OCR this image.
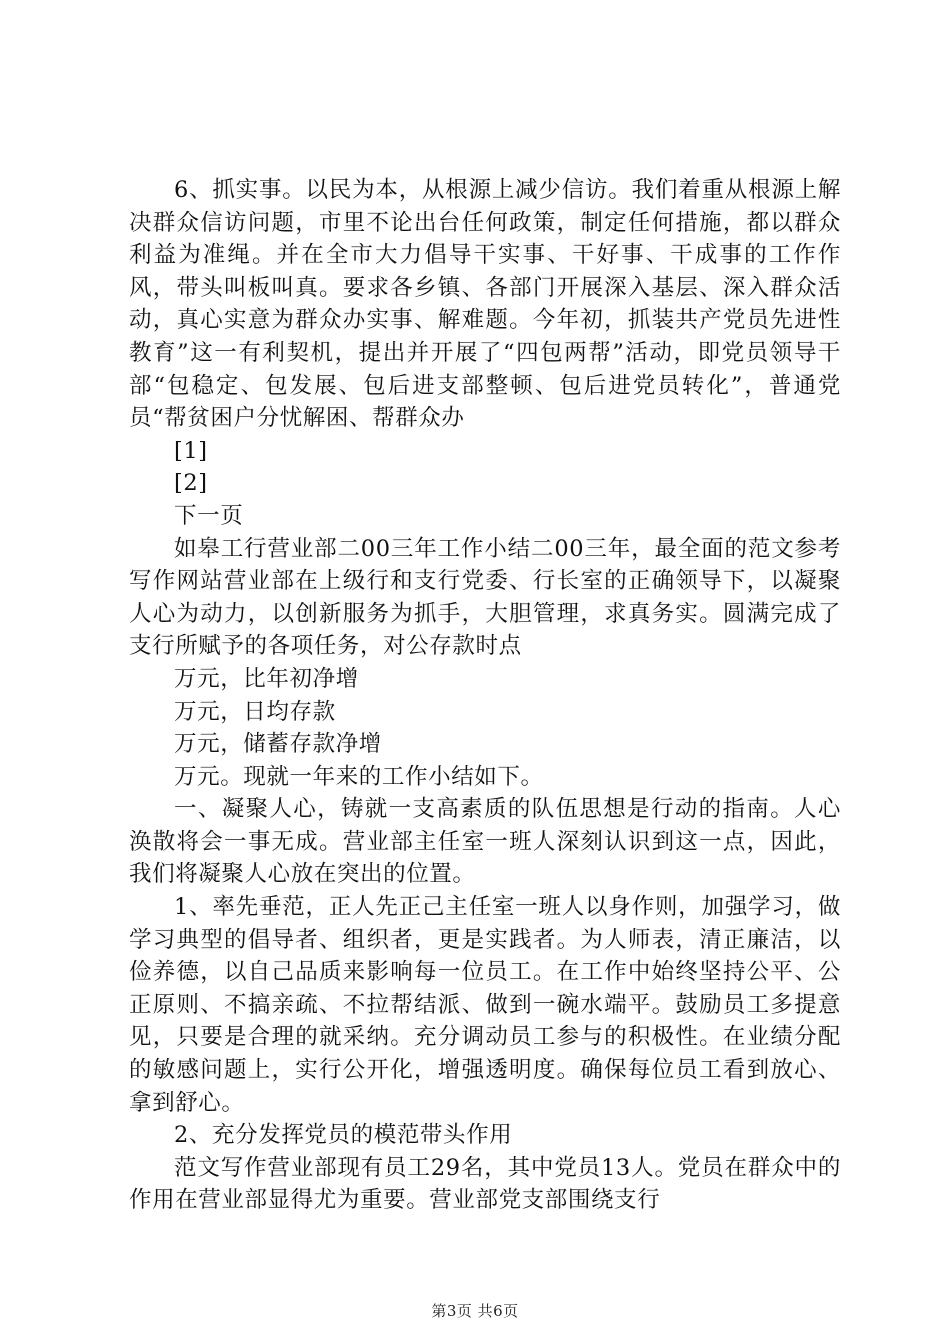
6、抓实事。以民为本，从根源上减少信访。我们着重从根源上解决群众信访问题，市里不论出台任何政策，制定任何措施，都以群众利益为准绳。并在全市大力倡导干实事、干好事、干成事的工作作风，带头叫板叫真。要求各乡镇、各部门开展深入基层、深入群众活动，真心实意为群众办实事、解难题。今年初，抓装共产党员先进性教育”这一有利契机，提出并开展了“四包两帮”活动，即党员领导干部“包稳定、包发展、包后进支部整顿、包后进党员转化”，普通党员“帮贫困户分忧解困、帮群众办

[1]

[2]

下一页

如皋工行营业部二00三年工作小结二00三年，最全面的范文参考写作网站营业部在上级行和支行党委、行长室的正确领导下，以凝聚人心为动力，以创新服务为抓手，大胆管理，求真务实。圆满完成了支行所赋予的各项任务，对公存款时点

万元，比年初净增

万元，日均存款

万元，储蓄存款净增

万元。现就一年来的工作小结如下。

一、凝聚人心，铸就一支高素质的队伍思想是行动的指南。人心涣散将会一事无成。营业部主任室一班人深刻认识到这一点，因此，我们将凝聚人心放在突出的位置。

1、率先垂范，正人先正己主任室一班人以身作则，加强学习，做学习典型的倡导者、组织者，更是实践者。为人师表，清正廉洁，以俭养德，以自己品质来影响每一位员工。在工作中始终坚持公平、公正原则、不搞亲疏、不拉帮结派、做到一碗水端平。鼓励员工多提意见，只要是合理的就采纳。充分调动员工参与的积极性。在业绩分配的敏感问题上，实行公开化，增强透明度。确保每位员工看到放心、拿到舒心。

2、充分发挥党员的模范带头作用

范文写作营业部现有员工29名，其中党员13人。党员在群众中的作用在营业部显得尤为重要。营业部党支部围绕支行

第3页 共6页
